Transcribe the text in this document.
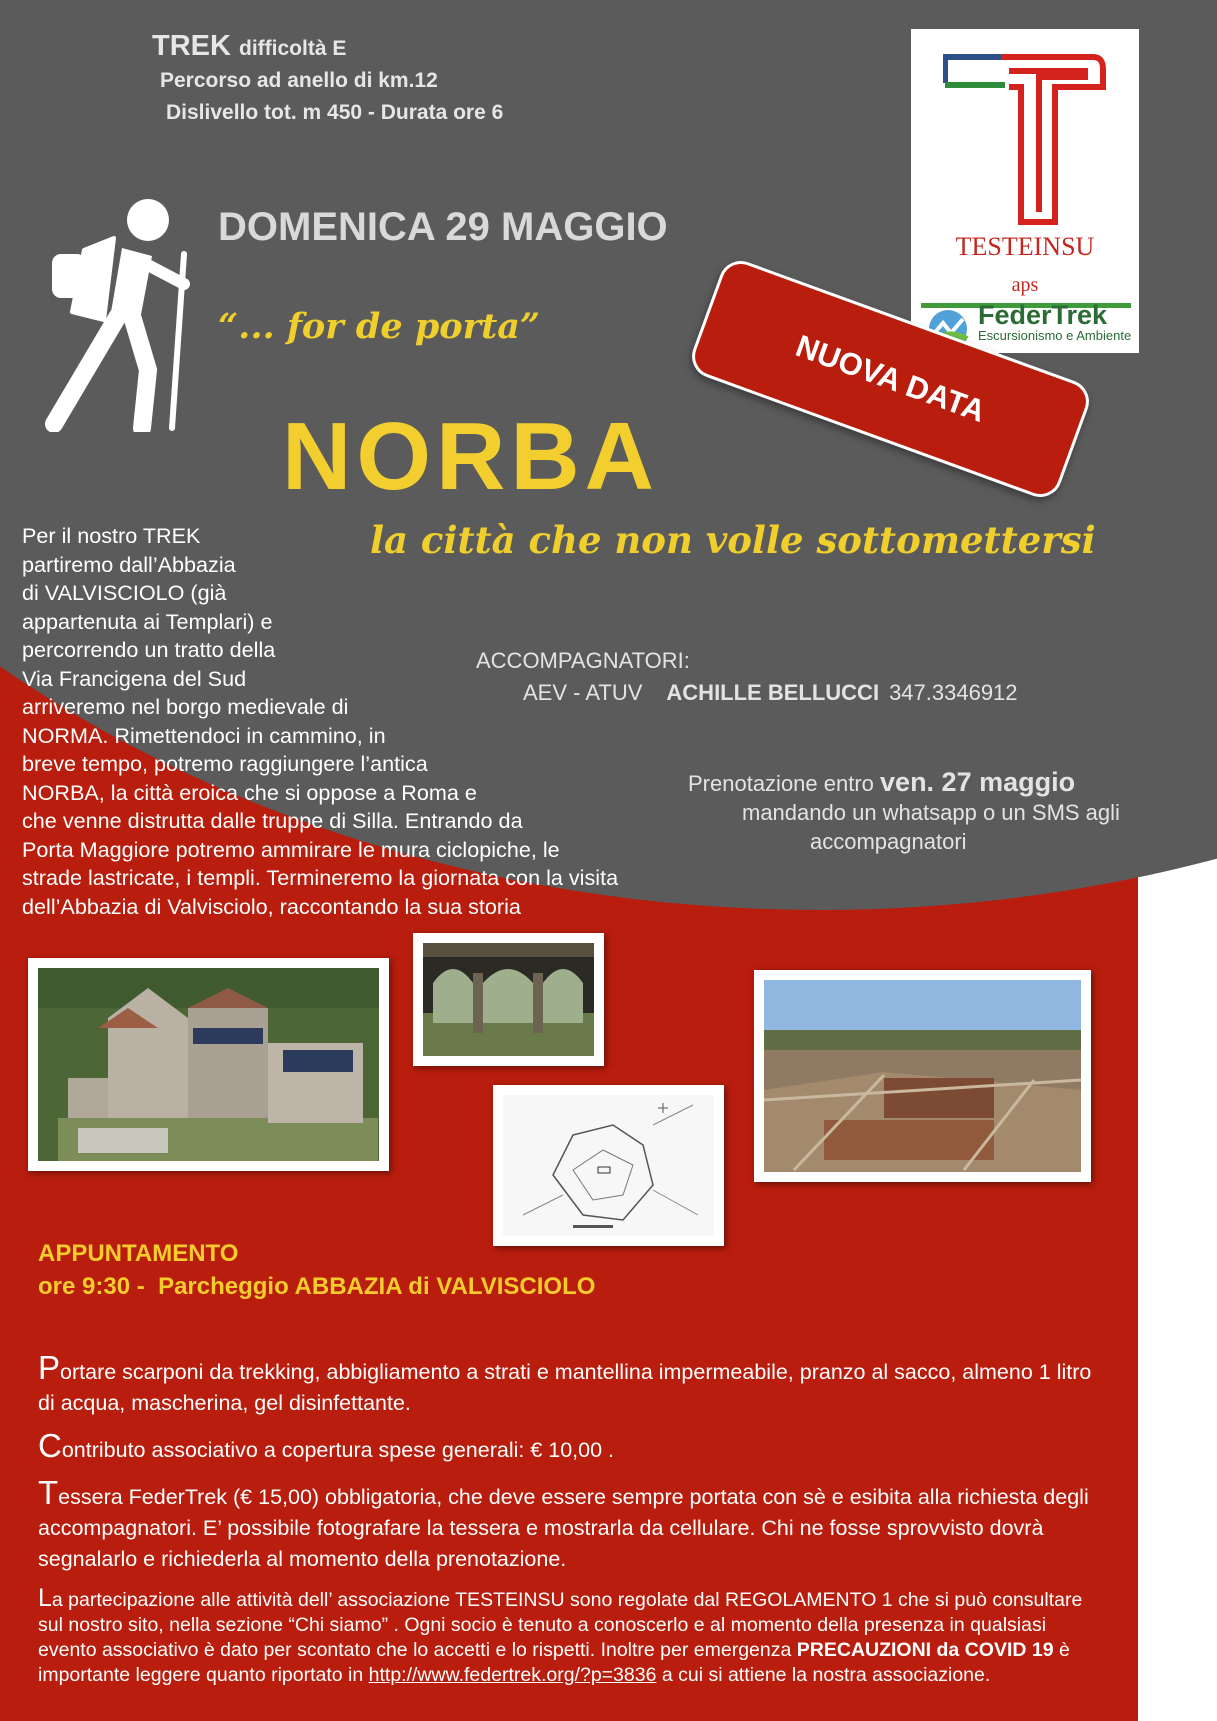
TREK difficoltà E
Percorso ad anello di km.12
Dislivello tot. m 450 - Durata ore 6
DOMENICA 29 MAGGIO
“... for de porta”
NORBA
la città che non volle sottomettersi
TESTEINSU
aps
FederTrek
Escursionismo e Ambiente
NUOVA DATA
Per il nostro TREK
partiremo dall’Abbazia
di VALVISCIOLO (già
appartenuta ai Templari) e
percorrendo un tratto della
Via Francigena del Sud
arriveremo nel borgo medievale di
NORMA. Rimettendoci in cammino, in
breve tempo, potremo raggiungere l’antica
NORBA, la città eroica che si oppose a Roma e
che venne distrutta dalle truppe di Silla. Entrando da
Porta Maggiore potremo ammirare le mura ciclopiche, le
strade lastricate, i templi. Termineremo la giornata con la visita
dell’Abbazia di Valvisciolo, raccontando la sua storia
ACCOMPAGNATORI:
AEV - ATUV ACHILLE BELLUCCI 347.3346912
Prenotazione entro ven. 27 maggio
mandando un whatsapp o un SMS agli
accompagnatori
APPUNTAMENTO
ore 9:30 - Parcheggio ABBAZIA di VALVISCIOLO

Portare scarponi da trekking, abbigliamento a strati e mantellina impermeabile, pranzo al sacco, almeno 1 litro di acqua, mascherina, gel disinfettante.

Contributo associativo a copertura spese generali: € 10,00 .

Tessera FederTrek (€ 15,00) obbligatoria, che deve essere sempre portata con sè e esibita alla richiesta degli accompagnatori. E’ possibile fotografare la tessera e mostrarla da cellulare. Chi ne fosse sprovvisto dovrà segnalarlo e richiederla al momento della prenotazione.

La partecipazione alle attività dell’ associazione TESTEINSU sono regolate dal REGOLAMENTO 1 che si può consultare sul nostro sito, nella sezione “Chi siamo” . Ogni socio è tenuto a conoscerlo e al momento della presenza in qualsiasi evento associativo è dato per scontato che lo accetti e lo rispetti. Inoltre per emergenza PRECAUZIONI da COVID 19 è importante leggere quanto riportato in http://www.federtrek.org/?p=3836 a cui si attiene la nostra associazione.
